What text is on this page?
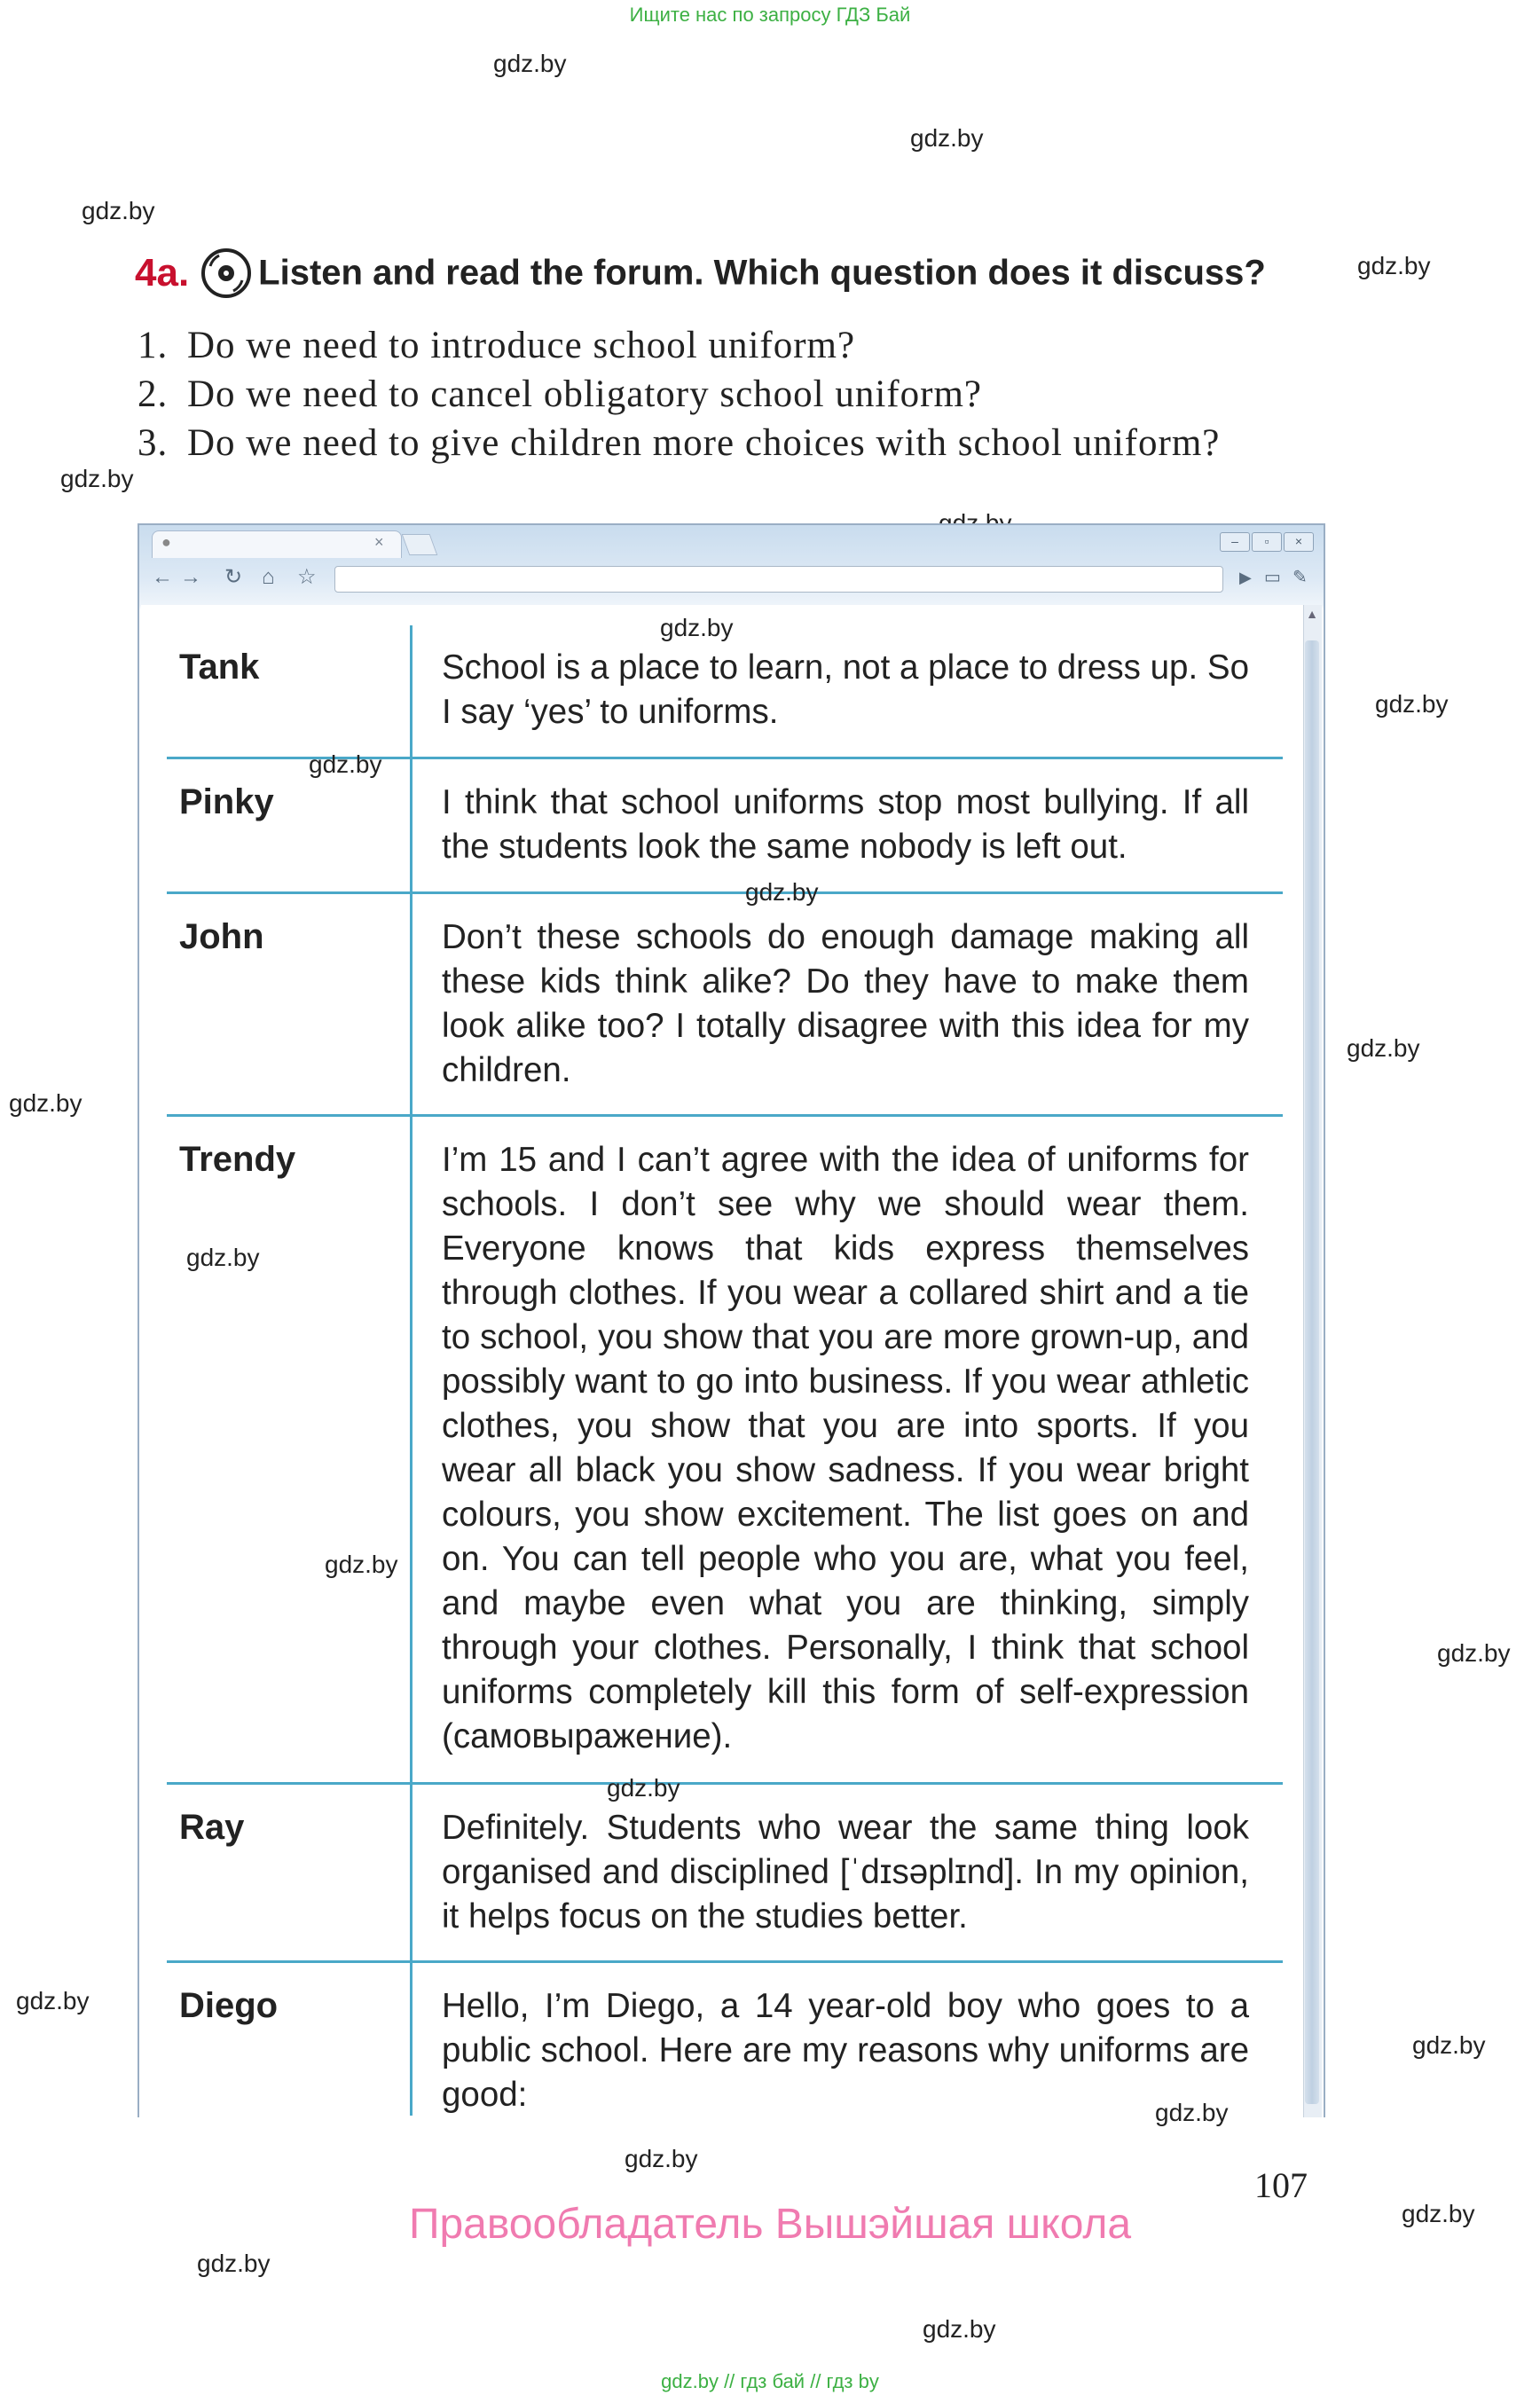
Ищите нас по запросу ГДЗ Бай
gdz.by
gdz.by
gdz.by
gdz.by
gdz.by
4a. Listen and read the forum. Which question does it discuss?
1. Do we need to introduce school uniform?
2. Do we need to cancel obligatory school uniform?
3. Do we need to give children more choices with school uniform?
●	×	–	▫	×
← → ↻ ⌂ ☆	▶ ▭ ✎
▲
Tank	School is a place to learn, not a place to dress up. So I say ‘yes’ to uniforms.
Pinky	I think that school uniforms stop most bullying. If all the students look the same nobody is left out.
John	Don’t these schools do enough damage making all these kids think alike? Do they have to make them look alike too? I totally disagree with this idea for my children.
Trendy	I’m 15 and I can’t agree with the idea of uniforms for schools. I don’t see why we should wear them. Everyone knows that kids express themselves through clothes. If you wear a collared shirt and a tie to school, you show that you are more grown-up, and possibly want to go into business. If you wear athletic clothes, you show that you are into sports. If you wear all black you show sadness. If you wear bright colours, you show excitement. The list goes on and on. You can tell people who you are, what you feel, and maybe even what you are thinking, simply through your clothes. Personally, I think that school uniforms completely kill this form of self-expression (самовыражение).
Ray	Definitely. Students who wear the same thing look organised and disciplined [ˈdɪsəplɪnd]. In my opinion, it helps focus on the studies better.
Diego	Hello, I’m Diego, a 14 year-old boy who goes to a public school. Here are my reasons why uniforms are good:
gdz.by
gdz.by
gdz.by
gdz.by
gdz.by
gdz.by
gdz.by
gdz.by
gdz.by
gdz.by
gdz.by
gdz.by
gdz.by
gdz.by
gdz.by
gdz.by
gdz.by
107
Правообладатель Вышэйшая школа
gdz.by // гдз бай // гдз by
